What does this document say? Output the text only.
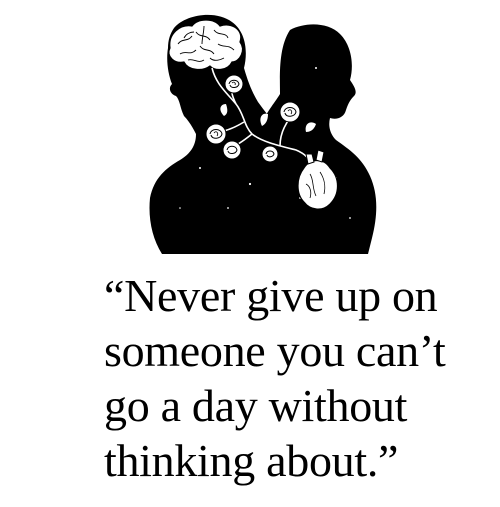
“Never give up on
someone you can’t
go a day without
thinking about.”
